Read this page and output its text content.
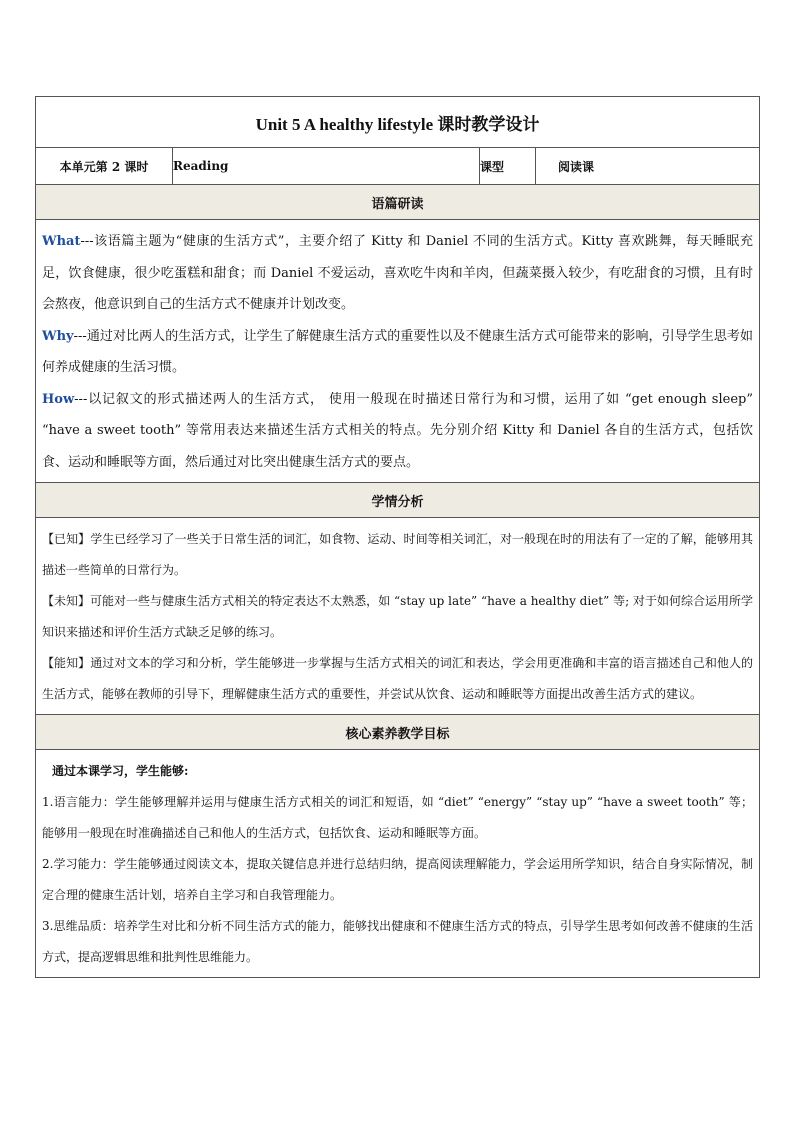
Unit 5 A healthy lifestyle 课时教学设计
本单元第 2 课时	Reading	课型	阅读课
语篇研读

What---该语篇主题为“健康的生活方式”，主要介绍了 Kitty 和 Daniel 不同的生活方式。Kitty 喜欢跳舞，每天睡眠充足，饮食健康，很少吃蛋糕和甜食；而 Daniel 不爱运动，喜欢吃牛肉和羊肉，但蔬菜摄入较少，有吃甜食的习惯，且有时会熬夜，他意识到自己的生活方式不健康并计划改变。

Why---通过对比两人的生活方式，让学生了解健康生活方式的重要性以及不健康生活方式可能带来的影响，引导学生思考如何养成健康的生活习惯。

How---以记叙文的形式描述两人的生活方式， 使用一般现在时描述日常行为和习惯，运用了如 “get enough sleep” “have a sweet tooth” 等常用表达来描述生活方式相关的特点。先分别介绍 Kitty 和 Daniel 各自的生活方式，包括饮食、运动和睡眠等方面，然后通过对比突出健康生活方式的要点。

学情分析

【已知】学生已经学习了一些关于日常生活的词汇，如食物、运动、时间等相关词汇，对一般现在时的用法有了一定的了解，能够用其描述一些简单的日常行为。

【未知】可能对一些与健康生活方式相关的特定表达不太熟悉，如 “stay up late” “have a healthy diet” 等; 对于如何综合运用所学知识来描述和评价生活方式缺乏足够的练习。

【能知】通过对文本的学习和分析，学生能够进一步掌握与生活方式相关的词汇和表达，学会用更准确和丰富的语言描述自己和他人的生活方式，能够在教师的引导下，理解健康生活方式的重要性，并尝试从饮食、运动和睡眠等方面提出改善生活方式的建议。

核心素养教学目标

通过本课学习，学生能够:

1.语言能力：学生能够理解并运用与健康生活方式相关的词汇和短语，如 “diet” “energy” “stay up” “have a sweet tooth” 等；能够用一般现在时准确描述自己和他人的生活方式，包括饮食、运动和睡眠等方面。

2.学习能力：学生能够通过阅读文本，提取关键信息并进行总结归纳，提高阅读理解能力，学会运用所学知识，结合自身实际情况，制定合理的健康生活计划，培养自主学习和自我管理能力。

3.思维品质：培养学生对比和分析不同生活方式的能力，能够找出健康和不健康生活方式的特点，引导学生思考如何改善不健康的生活方式，提高逻辑思维和批判性思维能力。
